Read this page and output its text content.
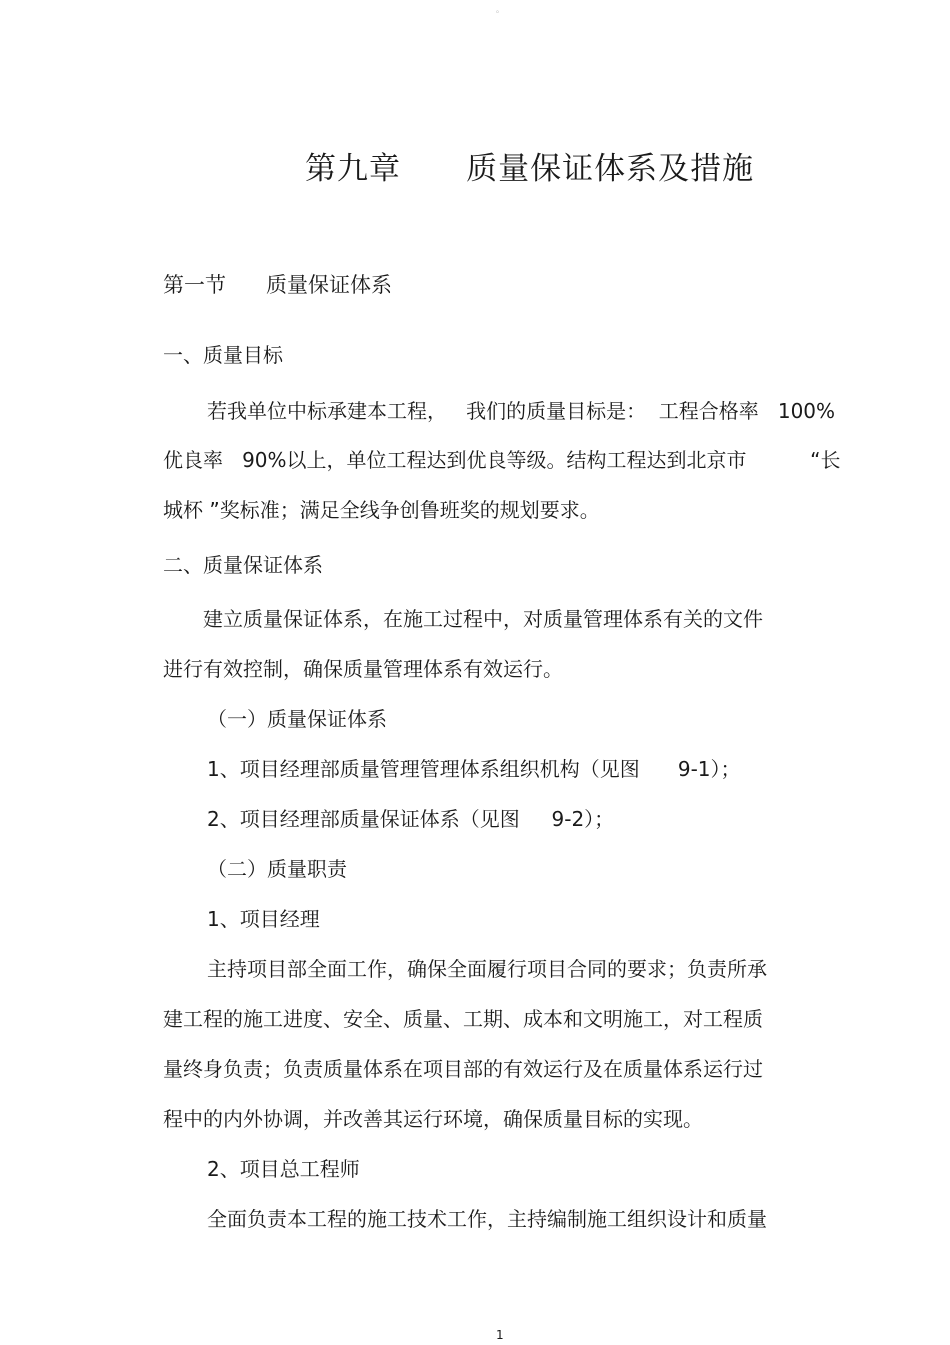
。
第九章      质量保证体系及措施
第一节      质量保证体系
一、质量目标
若我单位中标承建本工程，   我们的质量目标是：  工程合格率   100%
优良率   90%以上，单位工程达到优良等级。结构工程达到北京市          “长
城杯 ”奖标准；满足全线争创鲁班奖的规划要求。
二、质量保证体系
建立质量保证体系，在施工过程中，对质量管理体系有关的文件
进行有效控制，确保质量管理体系有效运行。
（一）质量保证体系
1、项目经理部质量管理管理体系组织机构（见图      9-1）；
2、项目经理部质量保证体系（见图     9-2）；
（二）质量职责
1、项目经理
主持项目部全面工作，确保全面履行项目合同的要求；负责所承
建工程的施工进度、安全、质量、工期、成本和文明施工，对工程质
量终身负责；负责质量体系在项目部的有效运行及在质量体系运行过
程中的内外协调，并改善其运行环境，确保质量目标的实现。
2、项目总工程师
全面负责本工程的施工技术工作，主持编制施工组织设计和质量
1
